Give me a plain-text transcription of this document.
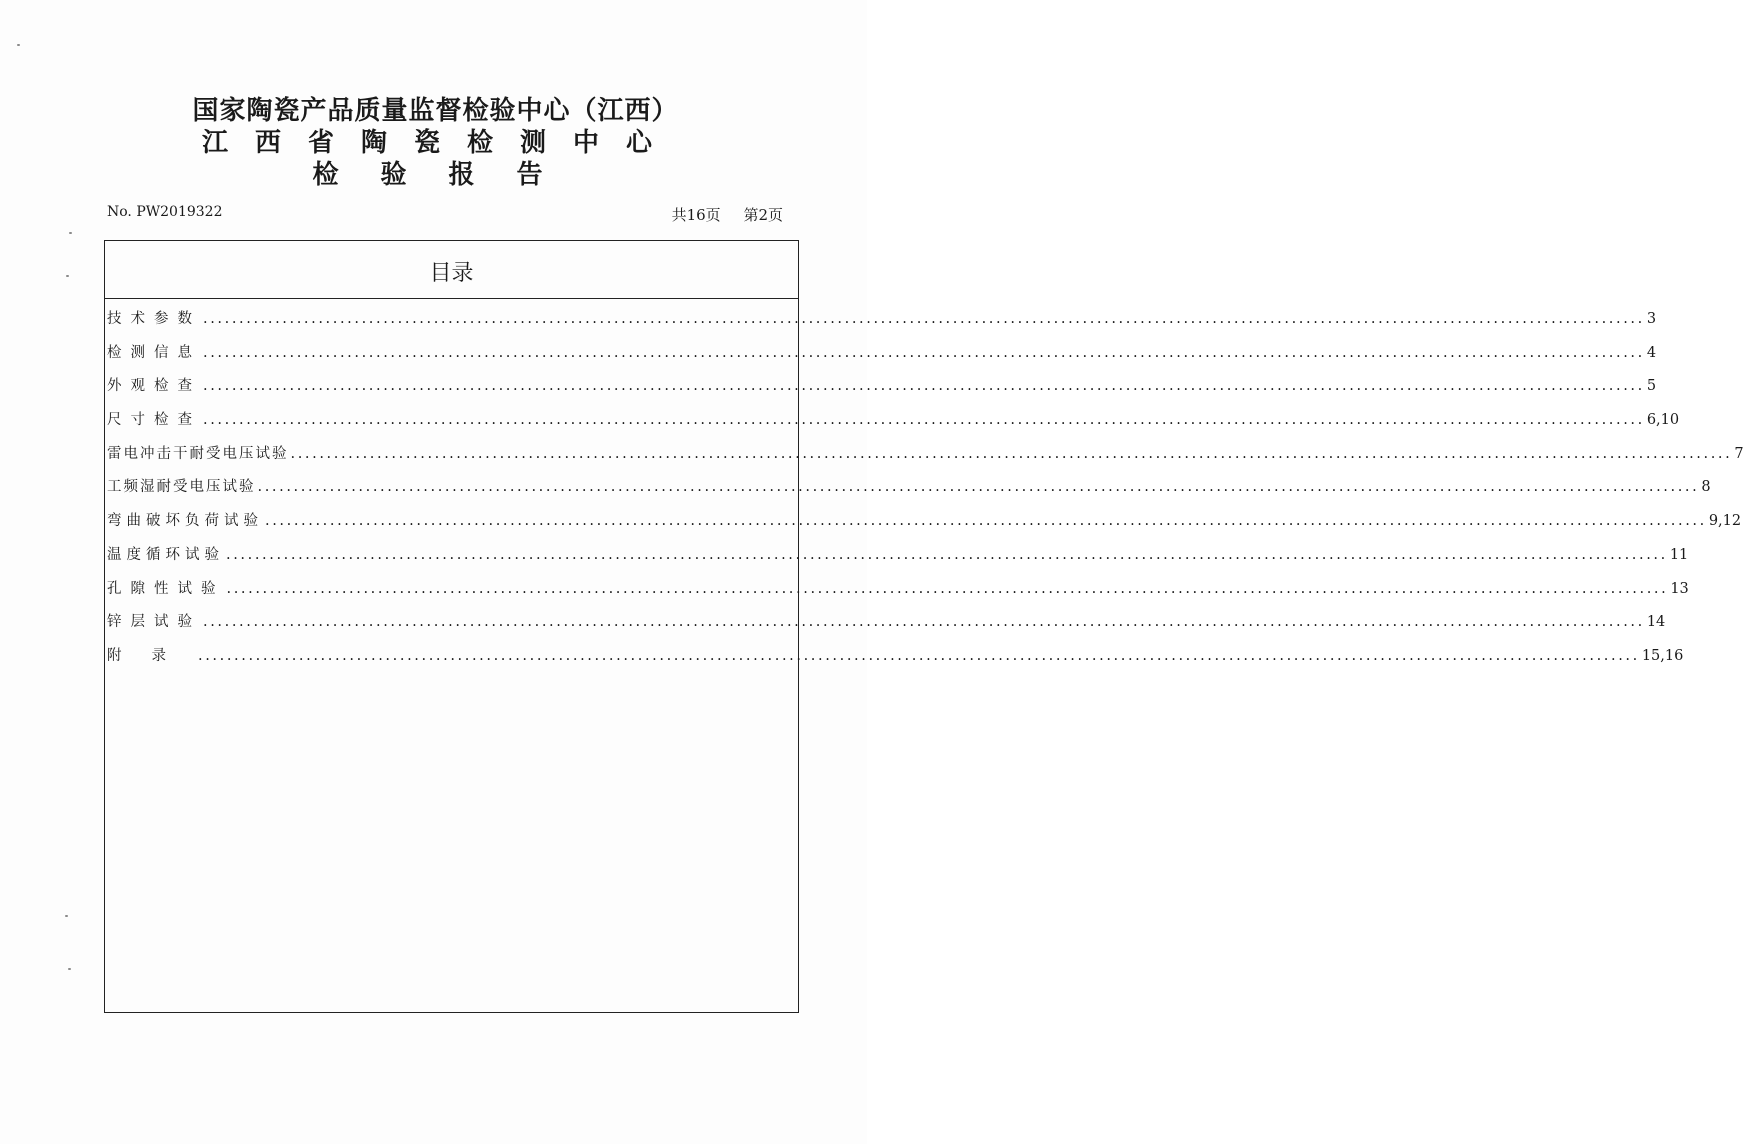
国家陶瓷产品质量监督检验中心（江西）
江西省陶瓷检测中心
检验报告
No. PW2019322	共16页 第2页
目录
技术参数 ........................................................................................................................................................................................................ 3
检测信息 ........................................................................................................................................................................................................ 4
外观检查 ........................................................................................................................................................................................................ 5
尺寸检查 ........................................................................................................................................................................................................ 6,10
雷电冲击干耐受电压试验 ........................................................................................................................................................................................................ 7
工频湿耐受电压试验 ........................................................................................................................................................................................................ 8
弯曲破坏负荷试验 ........................................................................................................................................................................................................ 9,12
温度循环试验 ........................................................................................................................................................................................................ 11
孔隙性试验 ........................................................................................................................................................................................................ 13
锌层试验 ........................................................................................................................................................................................................ 14
附录 ........................................................................................................................................................................................................ 15,16
